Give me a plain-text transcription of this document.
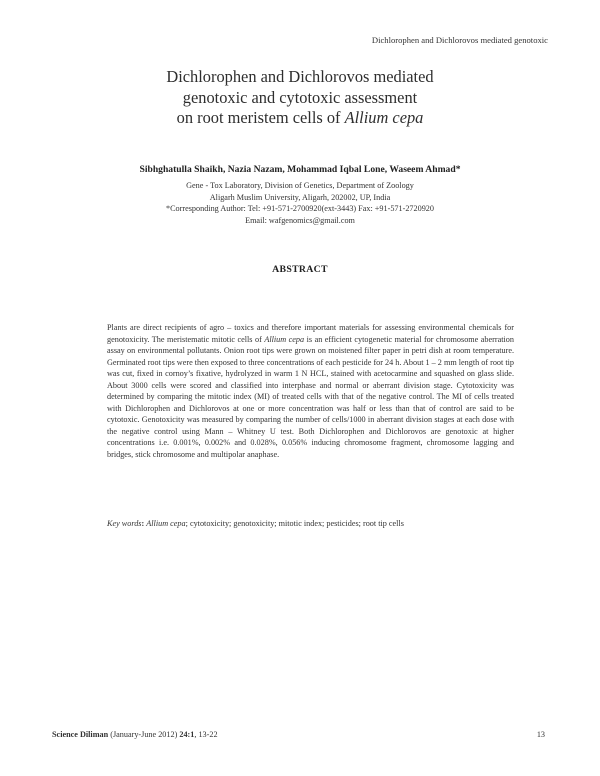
Dichlorophen and Dichlorovos mediated genotoxic
Dichlorophen and Dichlorovos mediated
genotoxic and cytotoxic assessment
on root meristem cells of Allium cepa
Sibhghatulla Shaikh, Nazia Nazam, Mohammad Iqbal Lone, Waseem Ahmad*
Gene - Tox Laboratory, Division of Genetics, Department of Zoology
Aligarh Muslim University, Aligarh, 202002, UP, India
*Corresponding Author: Tel: +91-571-2700920(ext-3443) Fax: +91-571-2720920
Email: wafgenomics@gmail.com
ABSTRACT
Plants are direct recipients of agro – toxics and therefore important materials for assessing environmental chemicals for genotoxicity. The meristematic mitotic cells of Allium cepa is an efficient cytogenetic material for chromosome aberration assay on environmental pollutants. Onion root tips were grown on moistened filter paper in petri dish at room temperature. Germinated root tips were then exposed to three concentrations of each pesticide for 24 h. About 1 – 2 mm length of root tip was cut, fixed in cornoy’s fixative, hydrolyzed in warm 1 N HCL, stained with acetocarmine and squashed on glass slide. About 3000 cells were scored and classified into interphase and normal or aberrant division stage. Cytotoxicity was determined by comparing the mitotic index (MI) of treated cells with that of the negative control. The MI of cells treated with Dichlorophen and Dichlorovos at one or more concentration was half or less than that of control are said to be cytotoxic. Genotoxicity was measured by comparing the number of cells/1000 in aberrant division stages at each dose with the negative control using Mann – Whitney U test. Both Dichlorophen and Dichlorovos are genotoxic at higher concentrations i.e. 0.001%, 0.002% and 0.028%, 0.056% inducing chromosome fragment, chromosome lagging and bridges, stick chromosome and multipolar anaphase.
Key words: Allium cepa; cytotoxicity; genotoxicity; mitotic index; pesticides; root tip cells
Science Diliman (January-June 2012) 24:1, 13-22	13
